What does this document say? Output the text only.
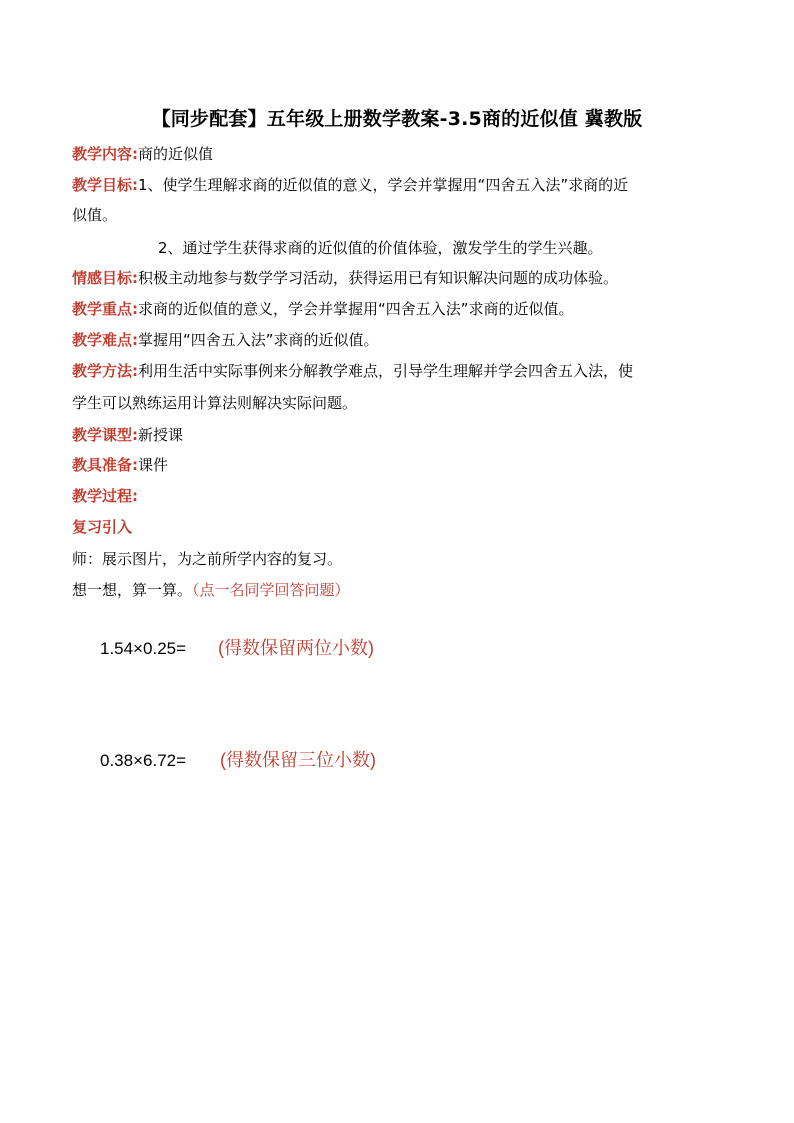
【同步配套】五年级上册数学教案-3.5商的近似值 冀教版
教学内容:商的近似值
教学目标:1、使学生理解求商的近似值的意义，学会并掌握用“四舍五入法”求商的近
似值。
2、通过学生获得求商的近似值的价值体验，激发学生的学生兴趣。
情感目标:积极主动地参与数学学习活动，获得运用已有知识解决问题的成功体验。
教学重点:求商的近似值的意义，学会并掌握用“四舍五入法”求商的近似值。
教学难点:掌握用“四舍五入法”求商的近似值。
教学方法:利用生活中实际事例来分解教学难点，引导学生理解并学会四舍五入法，使
学生可以熟练运用计算法则解决实际问题。
教学课型:新授课
教具准备:课件
教学过程:
复习引入
师：展示图片，为之前所学内容的复习。
想一想，算一算。（点一名同学回答问题）
1.54×0.25= (得数保留两位小数)
0.38×6.72= (得数保留三位小数)
